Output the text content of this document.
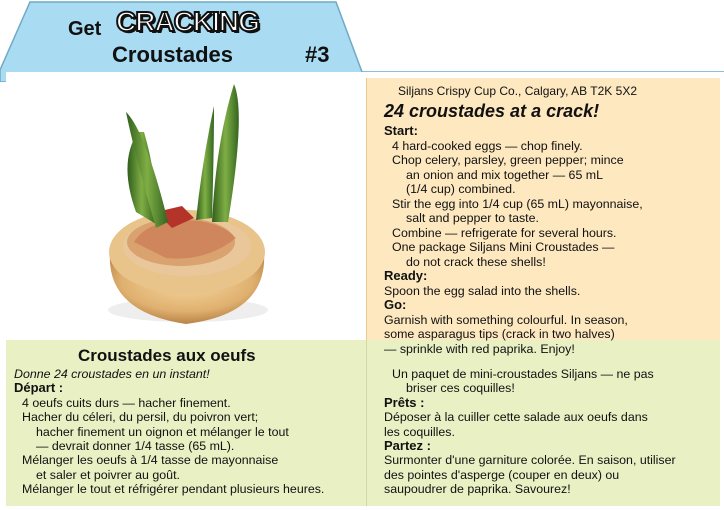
Get CRACKING
Croustades	#3
Siljans Crispy Cup Co., Calgary, AB T2K 5X2
24 croustades at a crack!
Start:
4 hard-cooked eggs — chop finely.
Chop celery, parsley, green pepper; mince
an onion and mix together — 65 mL
(1/4 cup) combined.
Stir the egg into 1/4 cup (65 mL) mayonnaise,
salt and pepper to taste.
Combine — refrigerate for several hours.
One package Siljans Mini Croustades —
do not crack these shells!
Ready:
Spoon the egg salad into the shells.
Go:
Garnish with something colourful. In season,
some asparagus tips (crack in two halves)
— sprinkle with red paprika. Enjoy!
Croustades aux oeufs
Donne 24 croustades en un instant!
Départ :
4 oeufs cuits durs — hacher finement.
Hacher du céleri, du persil, du poivron vert;
hacher finement un oignon et mélanger le tout
— devrait donner 1/4 tasse (65 mL).
Mélanger les oeufs à 1/4 tasse de mayonnaise
et saler et poivrer au goût.
Mélanger le tout et réfrigérer pendant plusieurs heures.
Un paquet de mini-croustades Siljans — ne pas
briser ces coquilles!
Prêts :
Déposer à la cuiller cette salade aux oeufs dans
les coquilles.
Partez :
Surmonter d'une garniture colorée. En saison, utiliser
des pointes d'asperge (couper en deux) ou
saupoudrer de paprika. Savourez!
